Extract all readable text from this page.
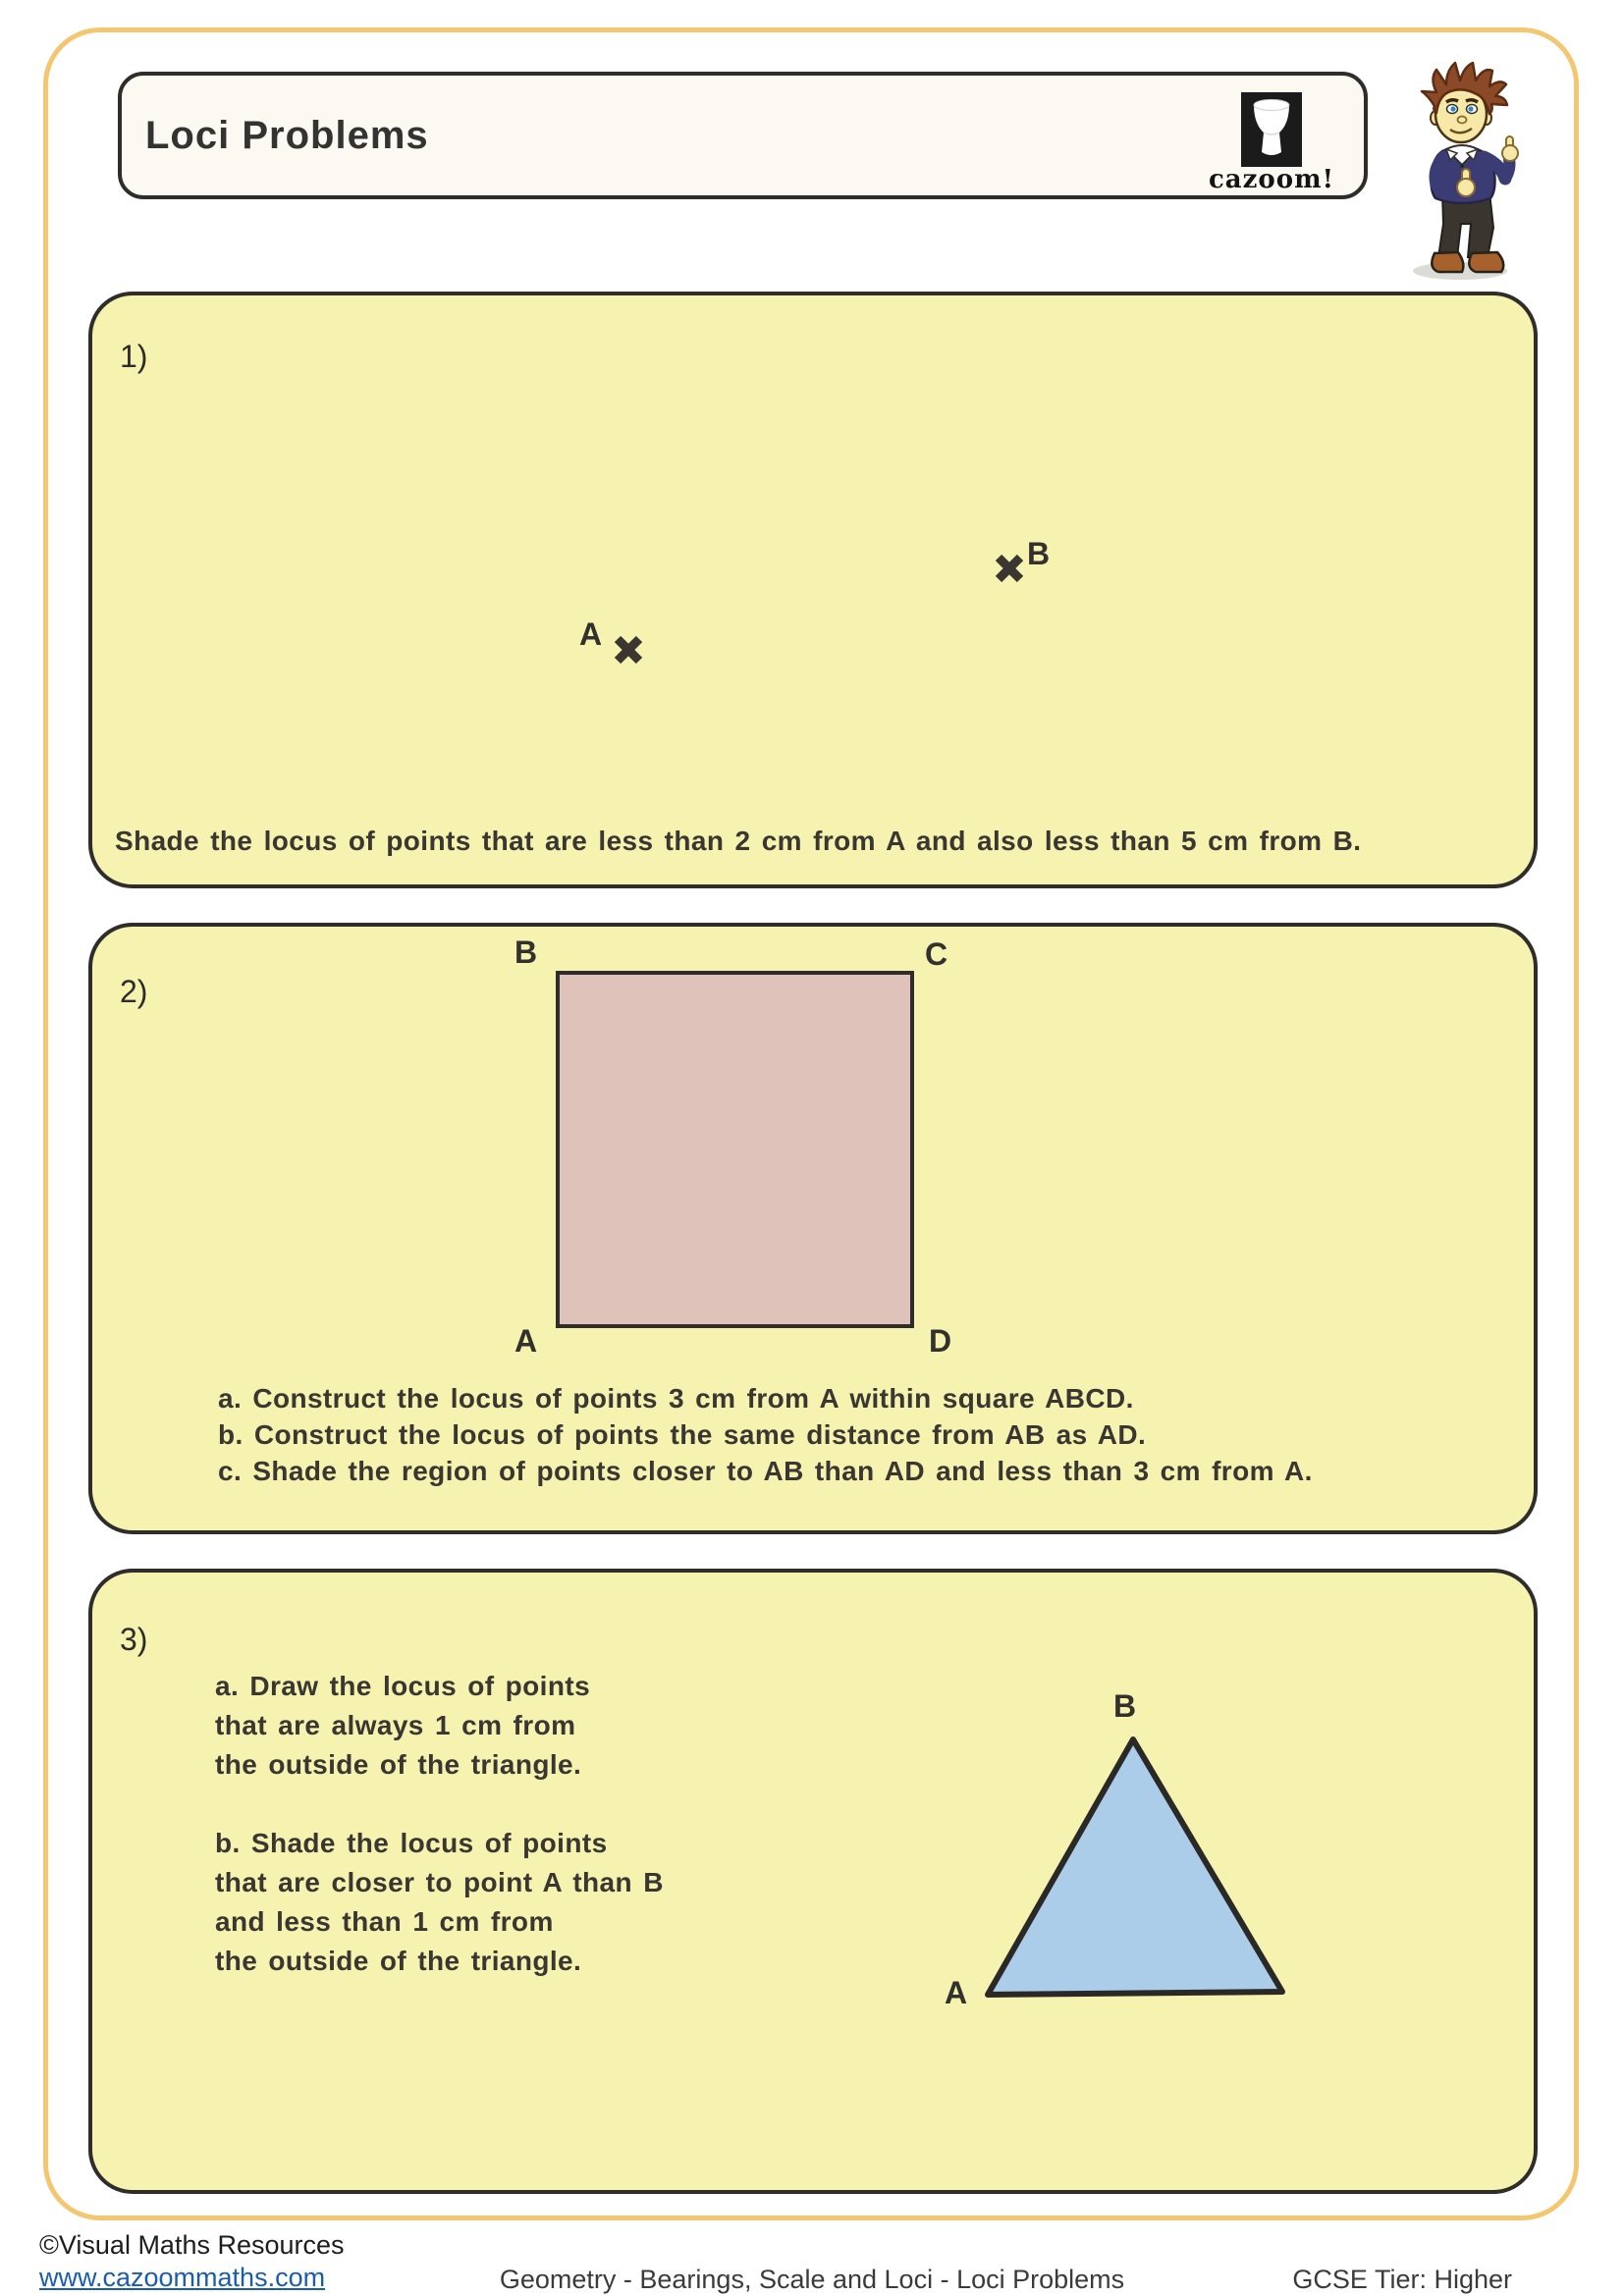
Loci Problems
cazoom!
1)
B
A

Shade the locus of points that are less than 2 cm from A and also less than 5 cm from B.

2)
B	C
A	D
a. Construct the locus of points 3 cm from A within square ABCD.
b. Construct the locus of points the same distance from AB as AD.
c. Shade the region of points closer to AB than AD and less than 3 cm from A.
3)
a. Draw the locus of points
that are always 1 cm from
the outside of the triangle.
b. Shade the locus of points
that are closer to point A than B
and less than 1 cm from
the outside of the triangle.
B
A
©Visual Maths Resources
www.cazoommaths.com	Geometry - Bearings, Scale and Loci - Loci Problems	GCSE Tier: Higher
